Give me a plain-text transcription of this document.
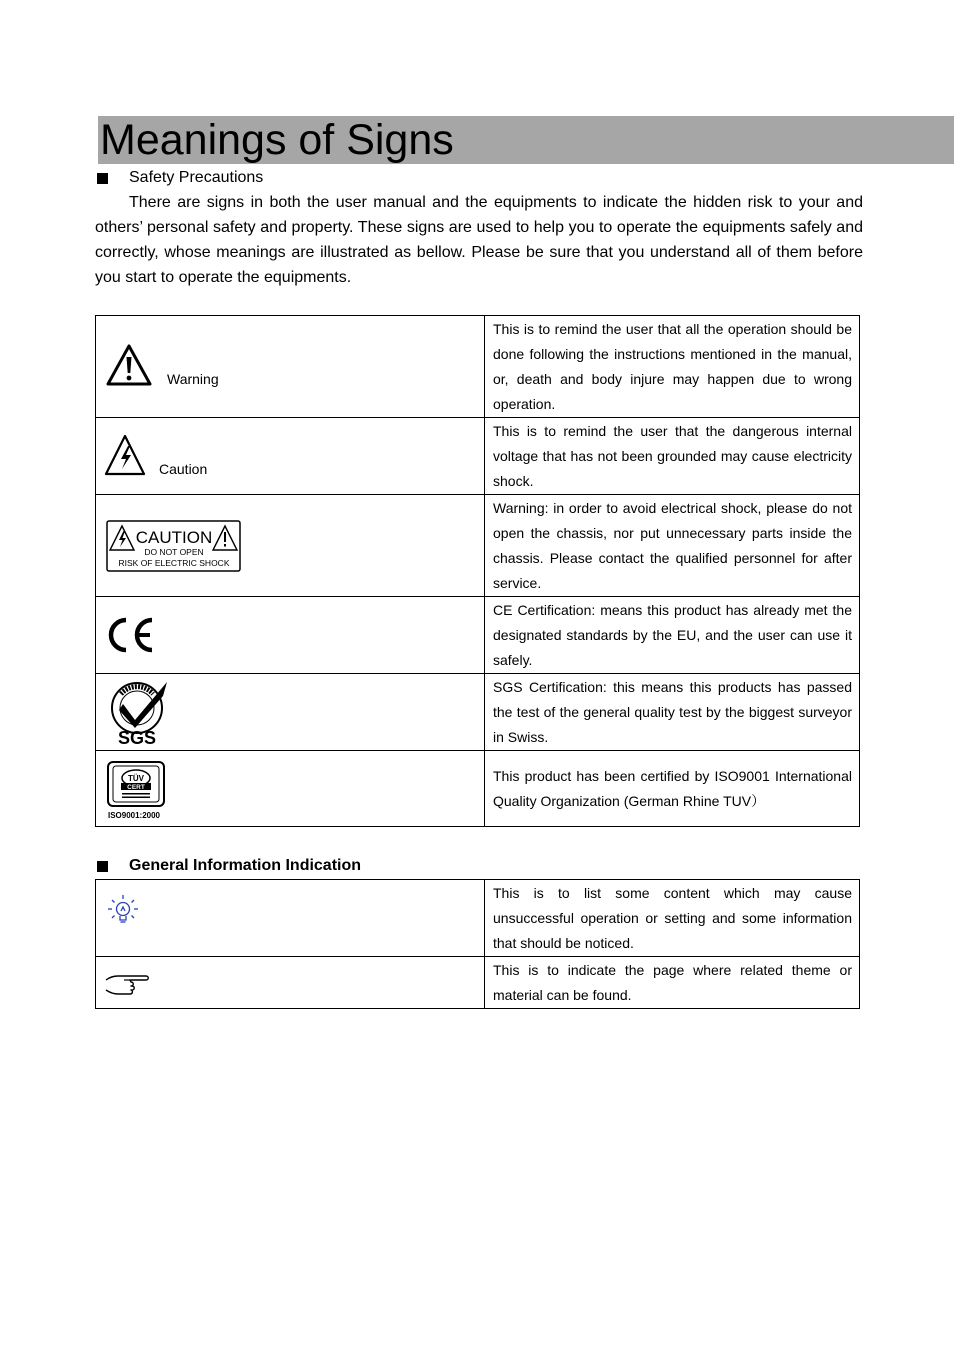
Meanings of Signs
Safety Precautions

There are signs in both the user manual and the equipments to indicate the hidden risk to your and others’ personal safety and property. These signs are used to help you to operate the equipments safely and correctly, whose meanings are illustrated as bellow. Please be sure that you understand all of them before you start to operate the equipments.

Warning	This is to remind the user that all the operation should be done following the instructions mentioned in the manual, or, death and body injure may happen due to wrong operation.

Caution	This is to remind the user that the dangerous internal voltage that has not been grounded may cause electricity shock.

CAUTION
DO NOT OPEN
RISK OF ELECTRIC SHOCK	Warning: in order to avoid electrical shock, please do not open the chassis, nor put unnecessary parts inside the chassis. Please contact the qualified personnel for after service.

	CE Certification: means this product has already met the designated standards by the EU, and the user can use it safely.

SGS	SGS Certification: this means this products has passed the test of the general quality test by the biggest surveyor in Swiss.

TÜV
CERT
ISO9001:2000	This product has been certified by ISO9001 International Quality Organization (German Rhine TUV）
General Information Indication
	This is to list some content which may cause unsuccessful operation or setting and some information that should be noticed.

	This is to indicate the page where related theme or material can be found.
